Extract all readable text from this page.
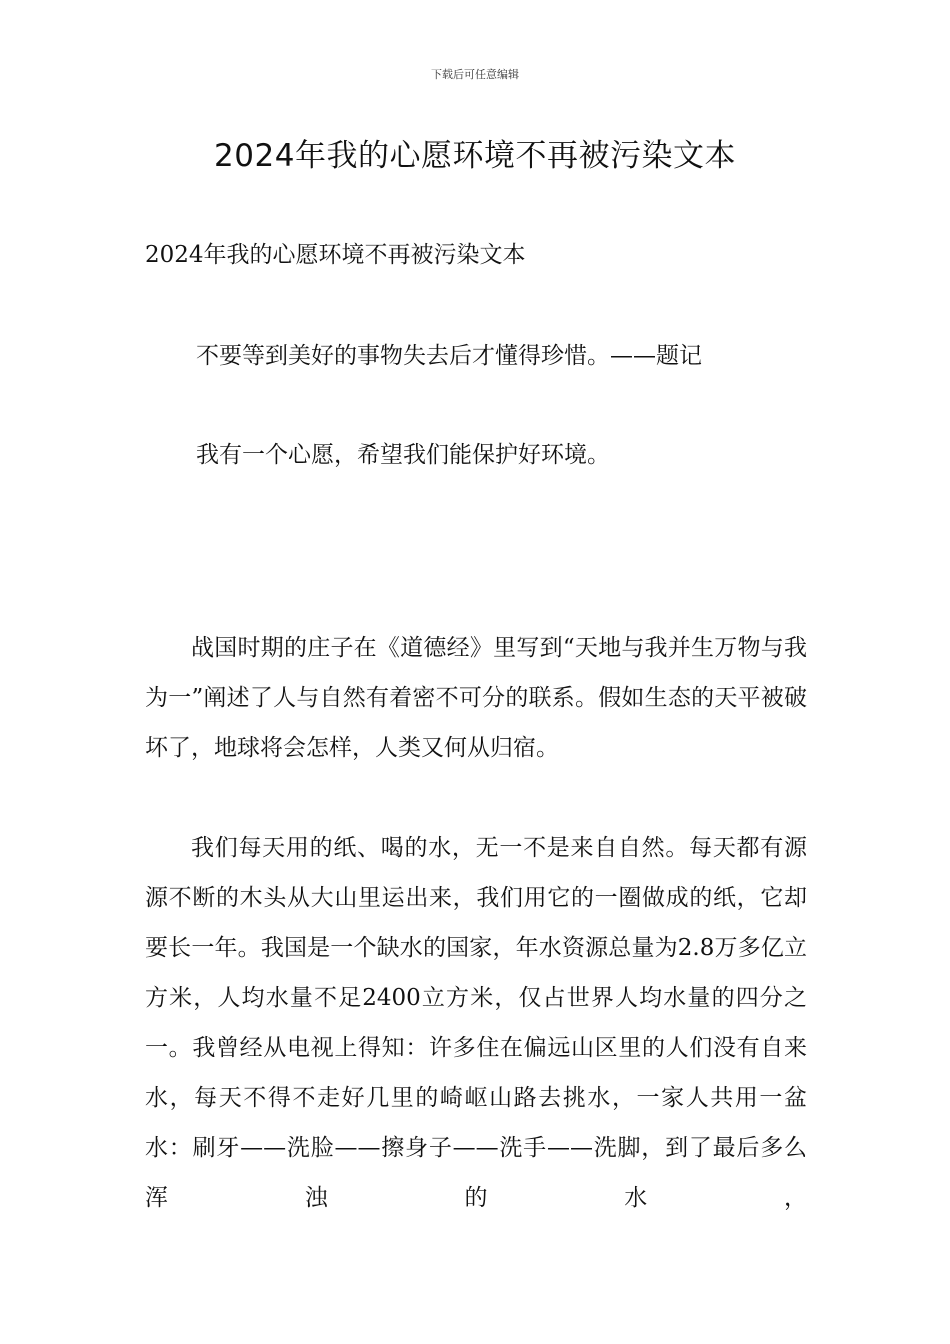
下载后可任意编辑
2024年我的心愿环境不再被污染文本

2024年我的心愿环境不再被污染文本

不要等到美好的事物失去后才懂得珍惜。——题记

我有一个心愿，希望我们能保护好环境。

战国时期的庄子在《道德经》里写到“天地与我并生万物与我为一”阐述了人与自然有着密不可分的联系。假如生态的天平被破坏了，地球将会怎样，人类又何从归宿。

我们每天用的纸、喝的水，无一不是来自自然。每天都有源源不断的木头从大山里运出来，我们用它的一圈做成的纸，它却要长一年。我国是一个缺水的国家，年水资源总量为2.8万多亿立方米，人均水量不足2400立方米，仅占世界人均水量的四分之一。我曾经从电视上得知：许多住在偏远山区里的人们没有自来水，每天不得不走好几里的崎岖山路去挑水，一家人共用一盆水：刷牙——洗脸——擦身子——洗手——洗脚，到了最后多么浑浊的水，
